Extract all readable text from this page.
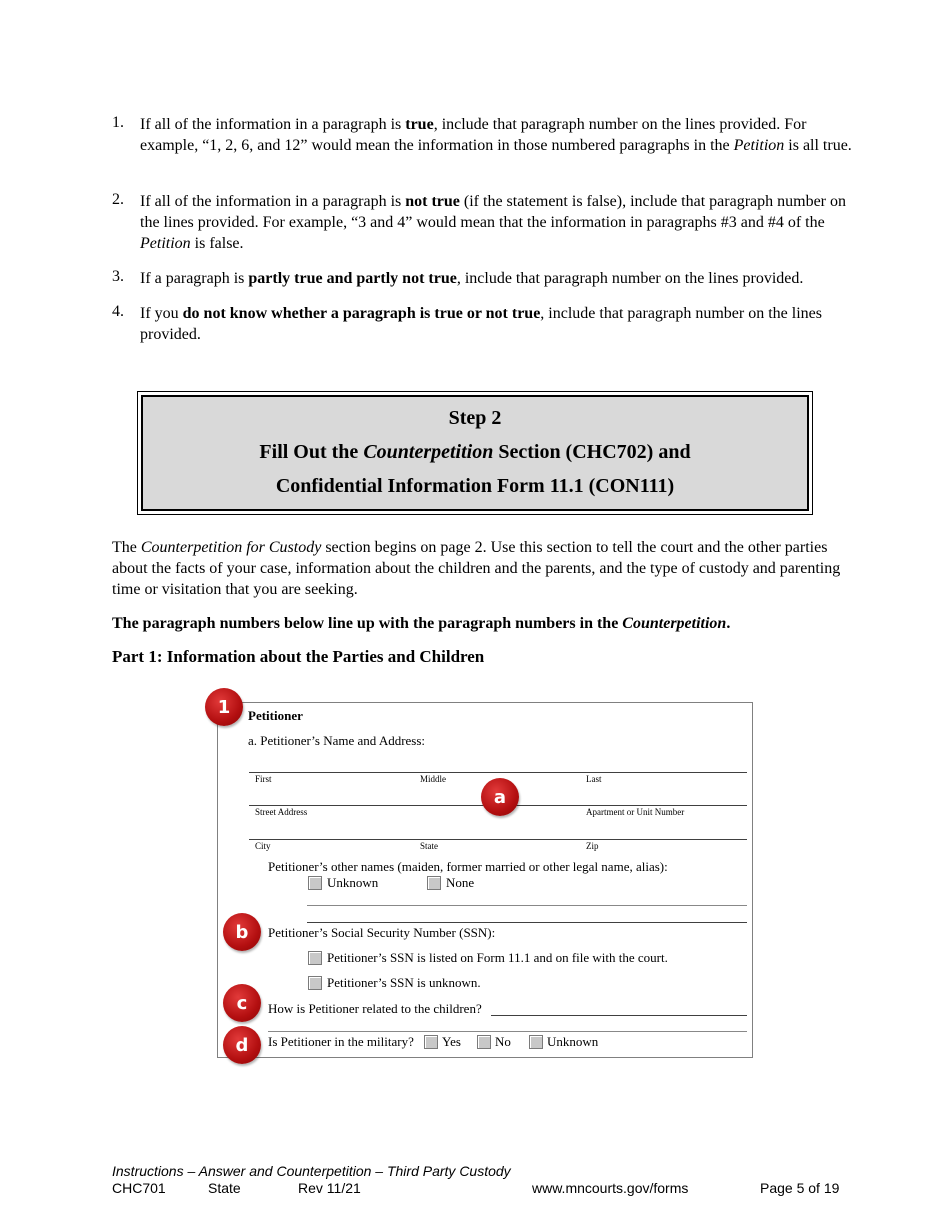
1. If all of the information in a paragraph is true, include that paragraph number on the lines provided. For example, “1, 2, 6, and 12” would mean the information in those numbered paragraphs in the Petition is all true.
2. If all of the information in a paragraph is not true (if the statement is false), include that paragraph number on the lines provided. For example, “3 and 4” would mean that the information in paragraphs #3 and #4 of the Petition is false.
3. If a paragraph is partly true and partly not true, include that paragraph number on the lines provided.
4. If you do not know whether a paragraph is true or not true, include that paragraph number on the lines provided.
Step 2
Fill Out the Counterpetition Section (CHC702) and
Confidential Information Form 11.1 (CON111)
The Counterpetition for Custody section begins on page 2. Use this section to tell the court and the other parties about the facts of your case, information about the children and the parents, and the type of custody and parenting time or visitation that you are seeking.
The paragraph numbers below line up with the paragraph numbers in the Counterpetition.
Part 1: Information about the Parties and Children
Petitioner
a. Petitioner’s Name and Address:
First	Middle	Last
Street Address	Apartment or Unit Number
City	State	Zip
Petitioner’s other names (maiden, former married or other legal name, alias):
Unknown	None
Petitioner’s Social Security Number (SSN):
Petitioner’s SSN is listed on Form 11.1 and on file with the court.
Petitioner’s SSN is unknown.
How is Petitioner related to the children?
Is Petitioner in the military? Yes	No	Unknown
1
a
b
c
d
Instructions – Answer and Counterpetition – Third Party Custody
CHC701	State	Rev 11/21	www.mncourts.gov/forms	Page 5 of 19
